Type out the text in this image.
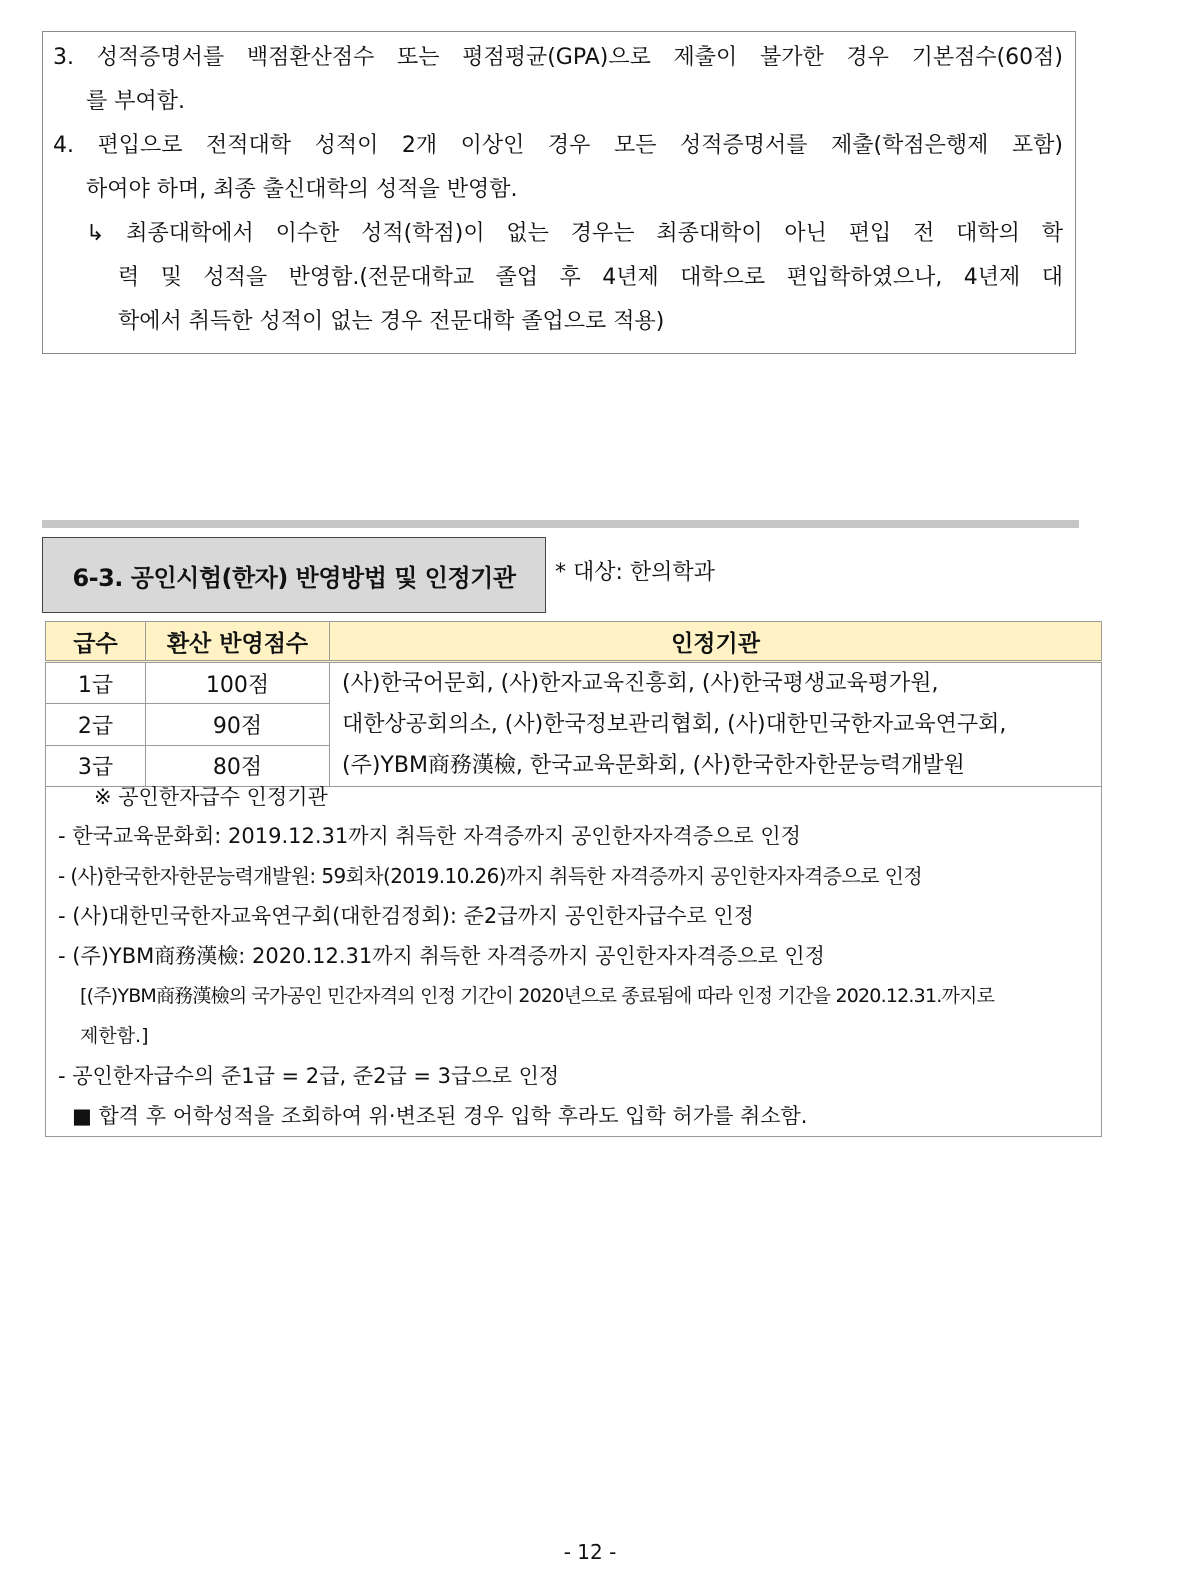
3. 성적증명서를 백점환산점수 또는 평점평균(GPA)으로 제출이 불가한 경우 기본점수(60점)
를 부여함.
4. 편입으로 전적대학 성적이 2개 이상인 경우 모든 성적증명서를 제출(학점은행제 포함)
하여야 하며, 최종 출신대학의 성적을 반영함.
↳ 최종대학에서 이수한 성적(학점)이 없는 경우는 최종대학이 아닌 편입 전 대학의 학
력 및 성적을 반영함.(전문대학교 졸업 후 4년제 대학으로 편입학하였으나, 4년제 대
학에서 취득한 성적이 없는 경우 전문대학 졸업으로 적용)
6-3. 공인시험(한자) 반영방법 및 인정기관	* 대상: 한의학과
급수	환산 반영점수	인정기관
1급	100점	(사)한국어문회, (사)한자교육진흥회, (사)한국평생교육평가원,
대한상공회의소, (사)한국정보관리협회, (사)대한민국한자교육연구회,
(주)YBM商務漢檢, 한국교육문화회, (사)한국한자한문능력개발원

2급	90점	
3급	80점	
※ 공인한자급수 인정기관
- 한국교육문화회: 2019.12.31까지 취득한 자격증까지 공인한자자격증으로 인정
- (사)한국한자한문능력개발원: 59회차(2019.10.26)까지 취득한 자격증까지 공인한자자격증으로 인정
- (사)대한민국한자교육연구회(대한검정회): 준2급까지 공인한자급수로 인정
- (주)YBM商務漢檢: 2020.12.31까지 취득한 자격증까지 공인한자자격증으로 인정
[(주)YBM商務漢檢의 국가공인 민간자격의 인정 기간이 2020년으로 종료됨에 따라 인정 기간을 2020.12.31.까지로
제한함.]
- 공인한자급수의 준1급 = 2급, 준2급 = 3급으로 인정
■ 합격 후 어학성적을 조회하여 위·변조된 경우 입학 후라도 입학 허가를 취소함.
- 12 -
